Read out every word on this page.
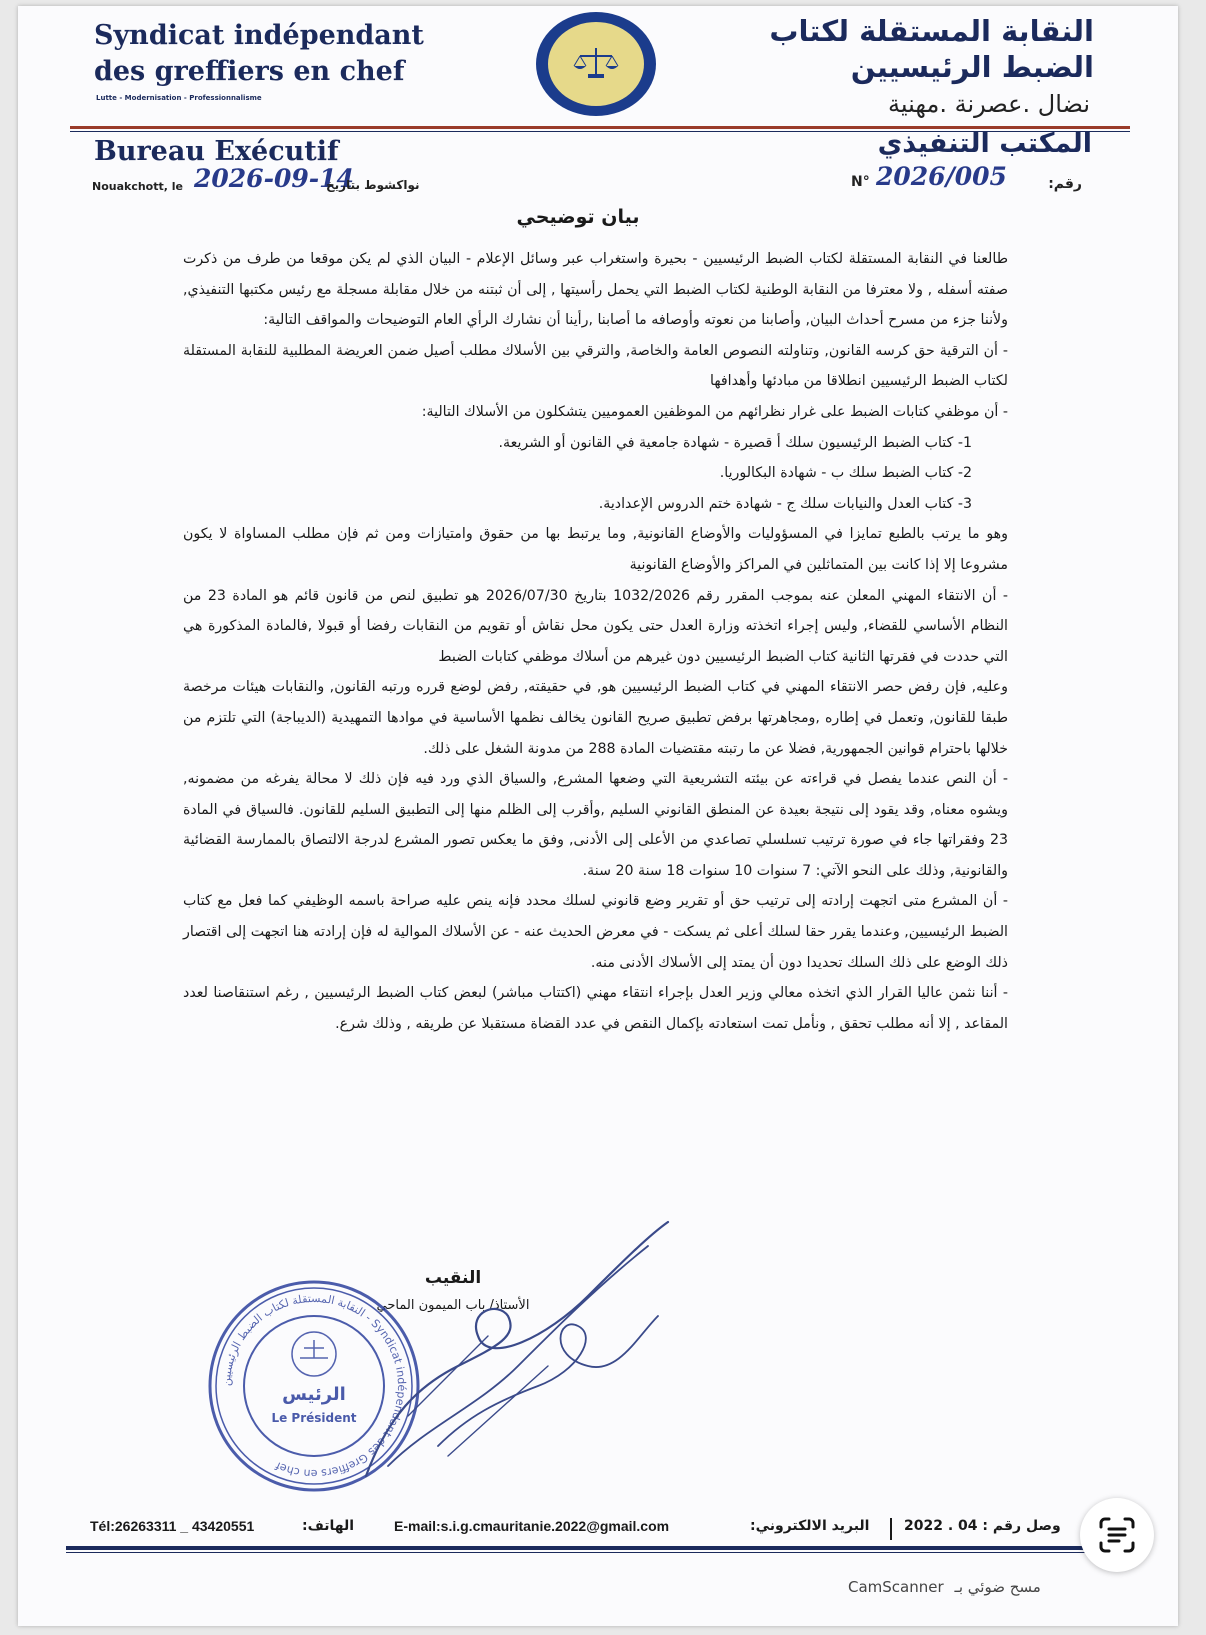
Syndicat indépendant
des greffiers en chef
Lutte - Modernisation - Professionnalisme
النقابة المستقلة لكتاب
الضبط الرئيسيين
نضال .عصرنة .مهنية
Bureau Exécutif	المكتب التنفيذي
Nouakchott, le 2026-09-14
نواكشوط بتاريخ	N° 2026/005	رقم:
بيان توضيحي

طالعنا في النقابة المستقلة لكتاب الضبط الرئيسيين - بحيرة واستغراب عبر وسائل الإعلام - البيان الذي لم يكن موقعا من طرف من ذكرت صفته أسفله , ولا معترفا من النقابة الوطنية لكتاب الضبط التي يحمل رأسيتها , إلى أن ثبتنه من خلال مقابلة مسجلة مع رئيس مكتبها التنفيذي, ولأننا جزء من مسرح أحداث البيان, وأصابنا من نعوته وأوصافه ما أصابنا ,رأينا أن نشارك الرأي العام التوضيحات والمواقف التالية:

- أن الترقية حق كرسه القانون, وتناولته النصوص العامة والخاصة, والترقي بين الأسلاك مطلب أصيل ضمن العريضة المطلبية للنقابة المستقلة لكتاب الضبط الرئيسيين انطلاقا من مبادئها وأهدافها

- أن موظفي كتابات الضبط على غرار نظرائهم من الموظفين العموميين يتشكلون من الأسلاك التالية:

1- كتاب الضبط الرئيسيون سلك أ قصيرة - شهادة جامعية في القانون أو الشريعة.

2- كتاب الضبط سلك ب - شهادة البكالوريا.

3- كتاب العدل والنيابات سلك ج - شهادة ختم الدروس الإعدادية.

وهو ما يرتب بالطبع تمايزا في المسؤوليات والأوضاع القانونية, وما يرتبط بها من حقوق وامتيازات ومن ثم فإن مطلب المساواة لا يكون مشروعا إلا إذا كانت بين المتماثلين في المراكز والأوضاع القانونية

- أن الانتقاء المهني المعلن عنه بموجب المقرر رقم 1032/2026 بتاريخ 2026/07/30 هو تطبيق لنص من قانون قائم هو المادة 23 من النظام الأساسي للقضاء, وليس إجراء اتخذته وزارة العدل حتى يكون محل نقاش أو تقويم من النقابات رفضا أو قبولا ,فالمادة المذكورة هي التي حددت في فقرتها الثانية كتاب الضبط الرئيسيين دون غيرهم من أسلاك موظفي كتابات الضبط

وعليه, فإن رفض حصر الانتقاء المهني في كتاب الضبط الرئيسيين هو, في حقيقته, رفض لوضع قرره ورتبه القانون, والنقابات هيئات مرخصة طبقا للقانون, وتعمل في إطاره ,ومجاهرتها برفض تطبيق صريح القانون يخالف نظمها الأساسية في موادها التمهيدية (الديباجة) التي تلتزم من خلالها باحترام قوانين الجمهورية, فضلا عن ما رتبته مقتضيات المادة 288 من مدونة الشغل على ذلك.

- أن النص عندما يفصل في قراءته عن بيئته التشريعية التي وضعها المشرع, والسياق الذي ورد فيه فإن ذلك لا محالة يفرغه من مضمونه, ويشوه معناه, وقد يقود إلى نتيجة بعيدة عن المنطق القانوني السليم ,وأقرب إلى الظلم منها إلى التطبيق السليم للقانون. فالسياق في المادة 23 وفقراتها جاء في صورة ترتيب تسلسلي تصاعدي من الأعلى إلى الأدنى, وفق ما يعكس تصور المشرع لدرجة الالتصاق بالممارسة القضائية والقانونية, وذلك على النحو الآتي: 7 سنوات 10 سنوات 18 سنة 20 سنة.

- أن المشرع متى اتجهت إرادته إلى ترتيب حق أو تقرير وضع قانوني لسلك محدد فإنه ينص عليه صراحة باسمه الوظيفي كما فعل مع كتاب الضبط الرئيسيين, وعندما يقرر حقا لسلك أعلى ثم يسكت - في معرض الحديث عنه - عن الأسلاك الموالية له فإن إرادته هنا اتجهت إلى اقتصار ذلك الوضع على ذلك السلك تحديدا دون أن يمتد إلى الأسلاك الأدنى منه.

- أننا نثمن عاليا القرار الذي اتخذه معالي وزير العدل بإجراء انتقاء مهني (اكتتاب مباشر) لبعض كتاب الضبط الرئيسيين , رغم استنقاصنا لعدد المقاعد , إلا أنه مطلب تحقق , ونأمل تمت استعادته بإكمال النقص في عدد القضاة مستقبلا عن طريقه , وذلك شرع.

النقيب
الأستاذ/ باب الميمون الماحي
النقابة المستقلة لكتاب الضبط الرئيسيين - Syndicat indépendant des Greffiers en chef
الرئيس
Le Président
Tél:26263311 _ 43420551	الهاتف:	E-mail:s.i.g.cmauritanie.2022@gmail.com	البريد الالكتروني: 2022 . 04 : وصل رقم
CamScanner مسح ضوئي بـ
